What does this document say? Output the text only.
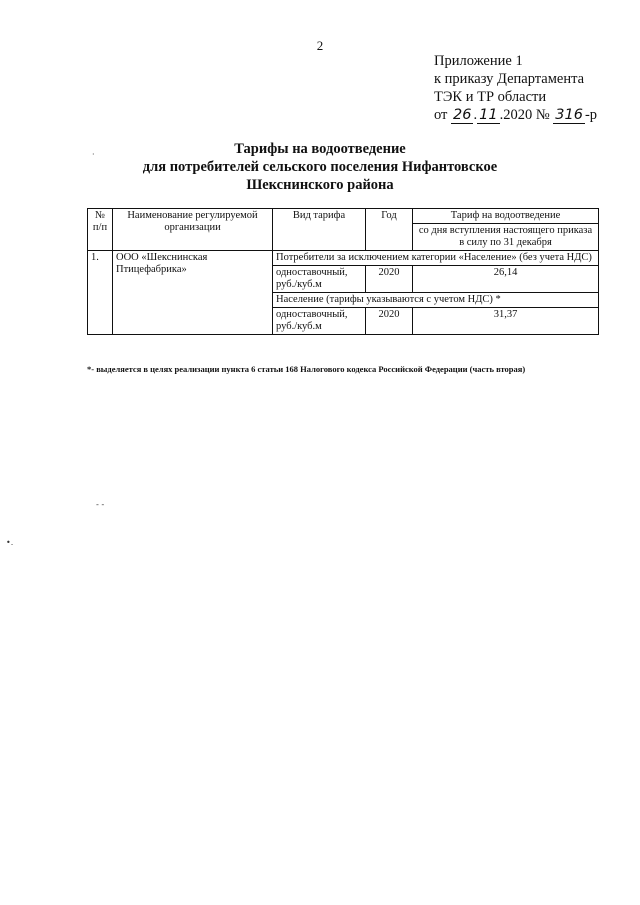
2
Приложение 1
к приказу Департамента
ТЭК и ТР области
от 26 . 11 .2020 № 316 -р
Тарифы на водоотведение
для потребителей сельского поселения Нифантовское
Шекснинского района
№ п/п	Наименование регулируемой организации	Вид тарифа	Год	Тариф на водоотведение
				со дня вступления настоящего приказа в силу по 31 декабря
1.	ООО «Шекснинская Птицефабрика»	Потребители за исключением категории «Население» (без учета НДС)		
		одноставочный, руб./куб.м	2020	26,14
		Население (тарифы указываются с учетом НДС) *		
		одноставочный, руб./куб.м	2020	31,37
*- выделяется в целях реализации пункта 6 статьи 168 Налогового кодекса Российской Федерации (часть вторая)
·
- -
•.
